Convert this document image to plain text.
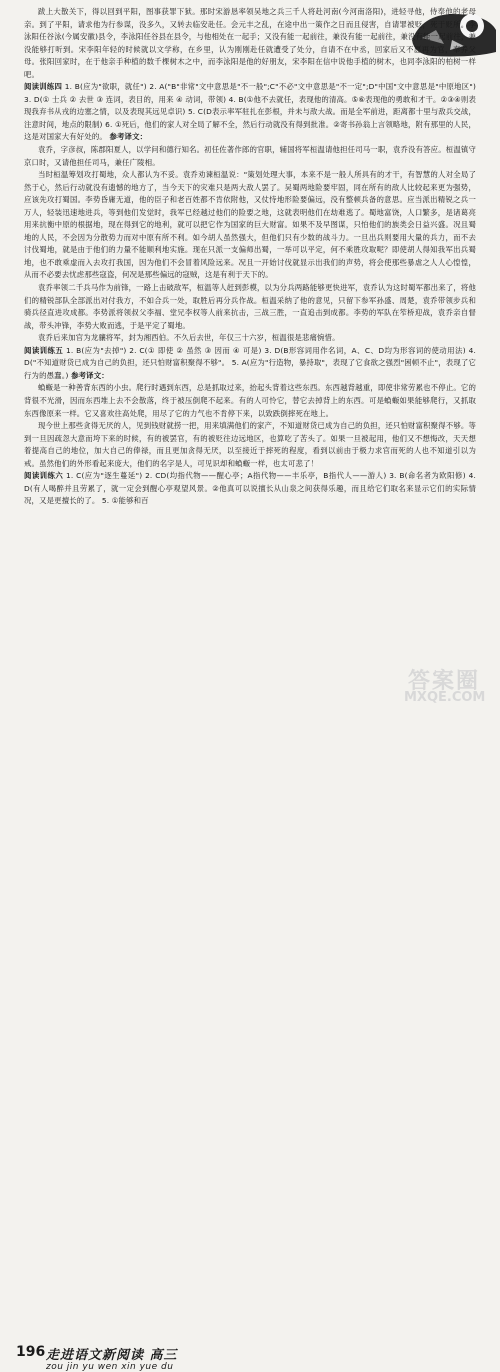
跋上大散关下，得以回到平阳，图事获罪下狱。那时宋游恳率领吴地之兵三千人将赴河南(今河南洛阳)，进轻寻他，侍奉他的老母亲。到了平阳，请求他为行参谋，没多久，又转去临安赴任。会元丰之乱，在途中出一策作之日而且侵害，自请罪被贬，死于贬所。李泳阳任谷泳(今属安徽)县令，李泳阳任谷县在县令，与他相处在一起手；又没有能一起前往，兼没有能一起前往，兼没有能一起前往，兼没能够打听到。宋李阳年轻的时候就以文学称，在乡里，认为刚刚赴任就遭受了处分，自请不在中丞，回家后又不愿再为官，奉养父母。张阳回家时，在于他亲手种植的数千棵树木之中，而李泳阳是他的好朋友，宋李阳在信中说他手植的树木，也同李泳阳的柏树一样吧。

阅读训练四 1. B(应为"欲职，就任") 2. A("B"非常"文中意思是"不一般";C"不必"文中意思是"不一定";D"中国"文中意思是"中原地区") 3. D(① 士兵 ② 去世 ③ 连词，表目的，用来 ④ 动词，带领) 4. B(①他不去就任，表现他的清高。⑤⑥表现他的勇敢和才干。②③④则表现我弃书从戎的边塞之情，以及表现其远见卓识) 5. C(D表示率军驻扎在彭根，并未与敌大战。而是全军前进，距离都十里与敌兵交战，注意时间，地点的限制) 6. ①死后，他们的家人对全局了解不全，然后行动就没有得到批准。②寄书孙翁上言领略地，附有那里的人民，这是对国家大有好处的。 参考译文：

袁乔，字彦叔，陈郡阳夏人，以学问和德行知名。初任佐著作郎的官职，辅国将军桓温请他担任司马一职，袁乔没有答应。桓温镇守京口时，又请他担任司马，兼任广陵相。

当时桓温筹划攻打蜀地，众人都认为不妥。袁乔劝谏桓温说："策划处理大事，本来不是一般人所具有的才干，有智慧的人对全局了然于心，然后行动就没有遗憾的地方了，当今天下的灾难只是两大敌人罢了。吴蜀两地险要牢固，同在所有的敌人比较起来更为强势，应该先攻打蜀国。李势昏庸无道，他的臣子和老百姓都不肯依附他，又仗恃地形险要偏远，没有整顿兵备的意思。应当派出精锐之兵一万人，轻装迅速地进兵，等到他们发觉时，我军已经越过他们的险要之地，这就表明他们在劫难逃了。蜀地富饶，人口繁多，是诸葛亮用来抗衡中原的根据地，现在得到它的地利，就可以把它作为国家的巨大财富。如果不及早图谋，只怕他们的族类会日益兴盛。况且蜀地的人民，不会因为分散势力而对中原有所不利。如今胡人虽然强大，但他们只有少数的战斗力。一旦出兵则要用大量的兵力，而不去讨伐蜀地，就是由于他们的力量不能顺利地实施。现在只派一支偏师出蜀，一举可以平定，何不乘胜攻取呢？即使胡人得知我军出兵蜀地，也不敢乘虚而入去攻打我国，因为他们不会冒着风险远来。况且一开始讨伐就显示出我们的声势，将会使那些暴虐之人人心惶惶，从而不必要去忧虑那些寇盗，何况是那些偏远的寇贼，这是有利于天下的。

袁乔率领二千兵马作为前锋，一路上击破敌军，桓温等人赶到彭模，以为分兵两路能够更快进军，袁乔认为这时蜀军都出来了，将他们的精锐部队全部派出对付我方，不如合兵一处，取胜后再分兵作战。桓温采纳了他的意见，只留下参军孙盛、周楚，袁乔带领步兵和骑兵径直进攻成都。李势派将领叔父李福、堂兄李权等人前来抗击，三战三胜，一直追击到成都。李势的军队在笮桥迎战，袁乔亲自督战，带头冲锋，李势大败而逃，于是平定了蜀地。

袁乔后来加官为龙骧将军，封为湘西伯。不久后去世，年仅三十六岁，桓温很是悲痛惋惜。

阅读训练五 1. B(应为"去掉") 2. C(① 即使 ② 虽然 ③ 因而 ④ 可是) 3. D(B形容词用作名词，A、C、D均为形容词的使动用法) 4. D("不知道财货已成为自己的负担，还只怕财富积聚得不够"。 5. A(应为"行造物，暴持取"，表现了它食欲之强烈"困顿不止"，表现了它行为的愚蠢。) 参考译文：

蝜蝂是一种善背东西的小虫。爬行时遇到东西，总是抓取过来，抬起头背着这些东西。东西越背越重，即使非常劳累也不停止。它的背很不光滑，因而东西堆上去不会散落，终于被压倒爬不起来。有的人可怜它，替它去掉背上的东西。可是蝜蝂如果能够爬行，又抓取东西像原来一样。它又喜欢往高处爬，用尽了它的力气也不肯停下来，以致跌倒摔死在地上。

现今世上那些贪得无厌的人，见到钱财就捞一把，用来填满他们的家产，不知道财货已成为自己的负担，还只怕财富积聚得不够。等到一旦因疏忽大意而垮下来的时候，有的被罢官，有的被贬往边远地区，也算吃了苦头了。如果一旦被起用，他们又不想悔改，天天想着提高自己的地位，加大自己的俸禄，而且更加贪得无厌，以至接近于摔死的程度，看到以前由于极力求官而死的人也不知道引以为戒。虽然他们的外形看起来庞大，他们的名字是人，可见识却和蝜蝂一样，也太可悲了！

阅读训练六 1. C(应为"逐生蔓延") 2. CD(均指代物——醒心亭；A指代物——丰乐亭，B指代人——游人) 3. B(命名者为欧阳修) 4. D(有人喝醉并且劳累了，就一定会到醒心亭观望风景。②他真可以说擅长从山泉之间获得乐趣，而且给它们取名来显示它们的实际情况，又是更擅长的了。 5. ①能够和百

196 走进语文新阅读 高三
zou jin yu wen xin yue du
答案圈
MXQE.COM
